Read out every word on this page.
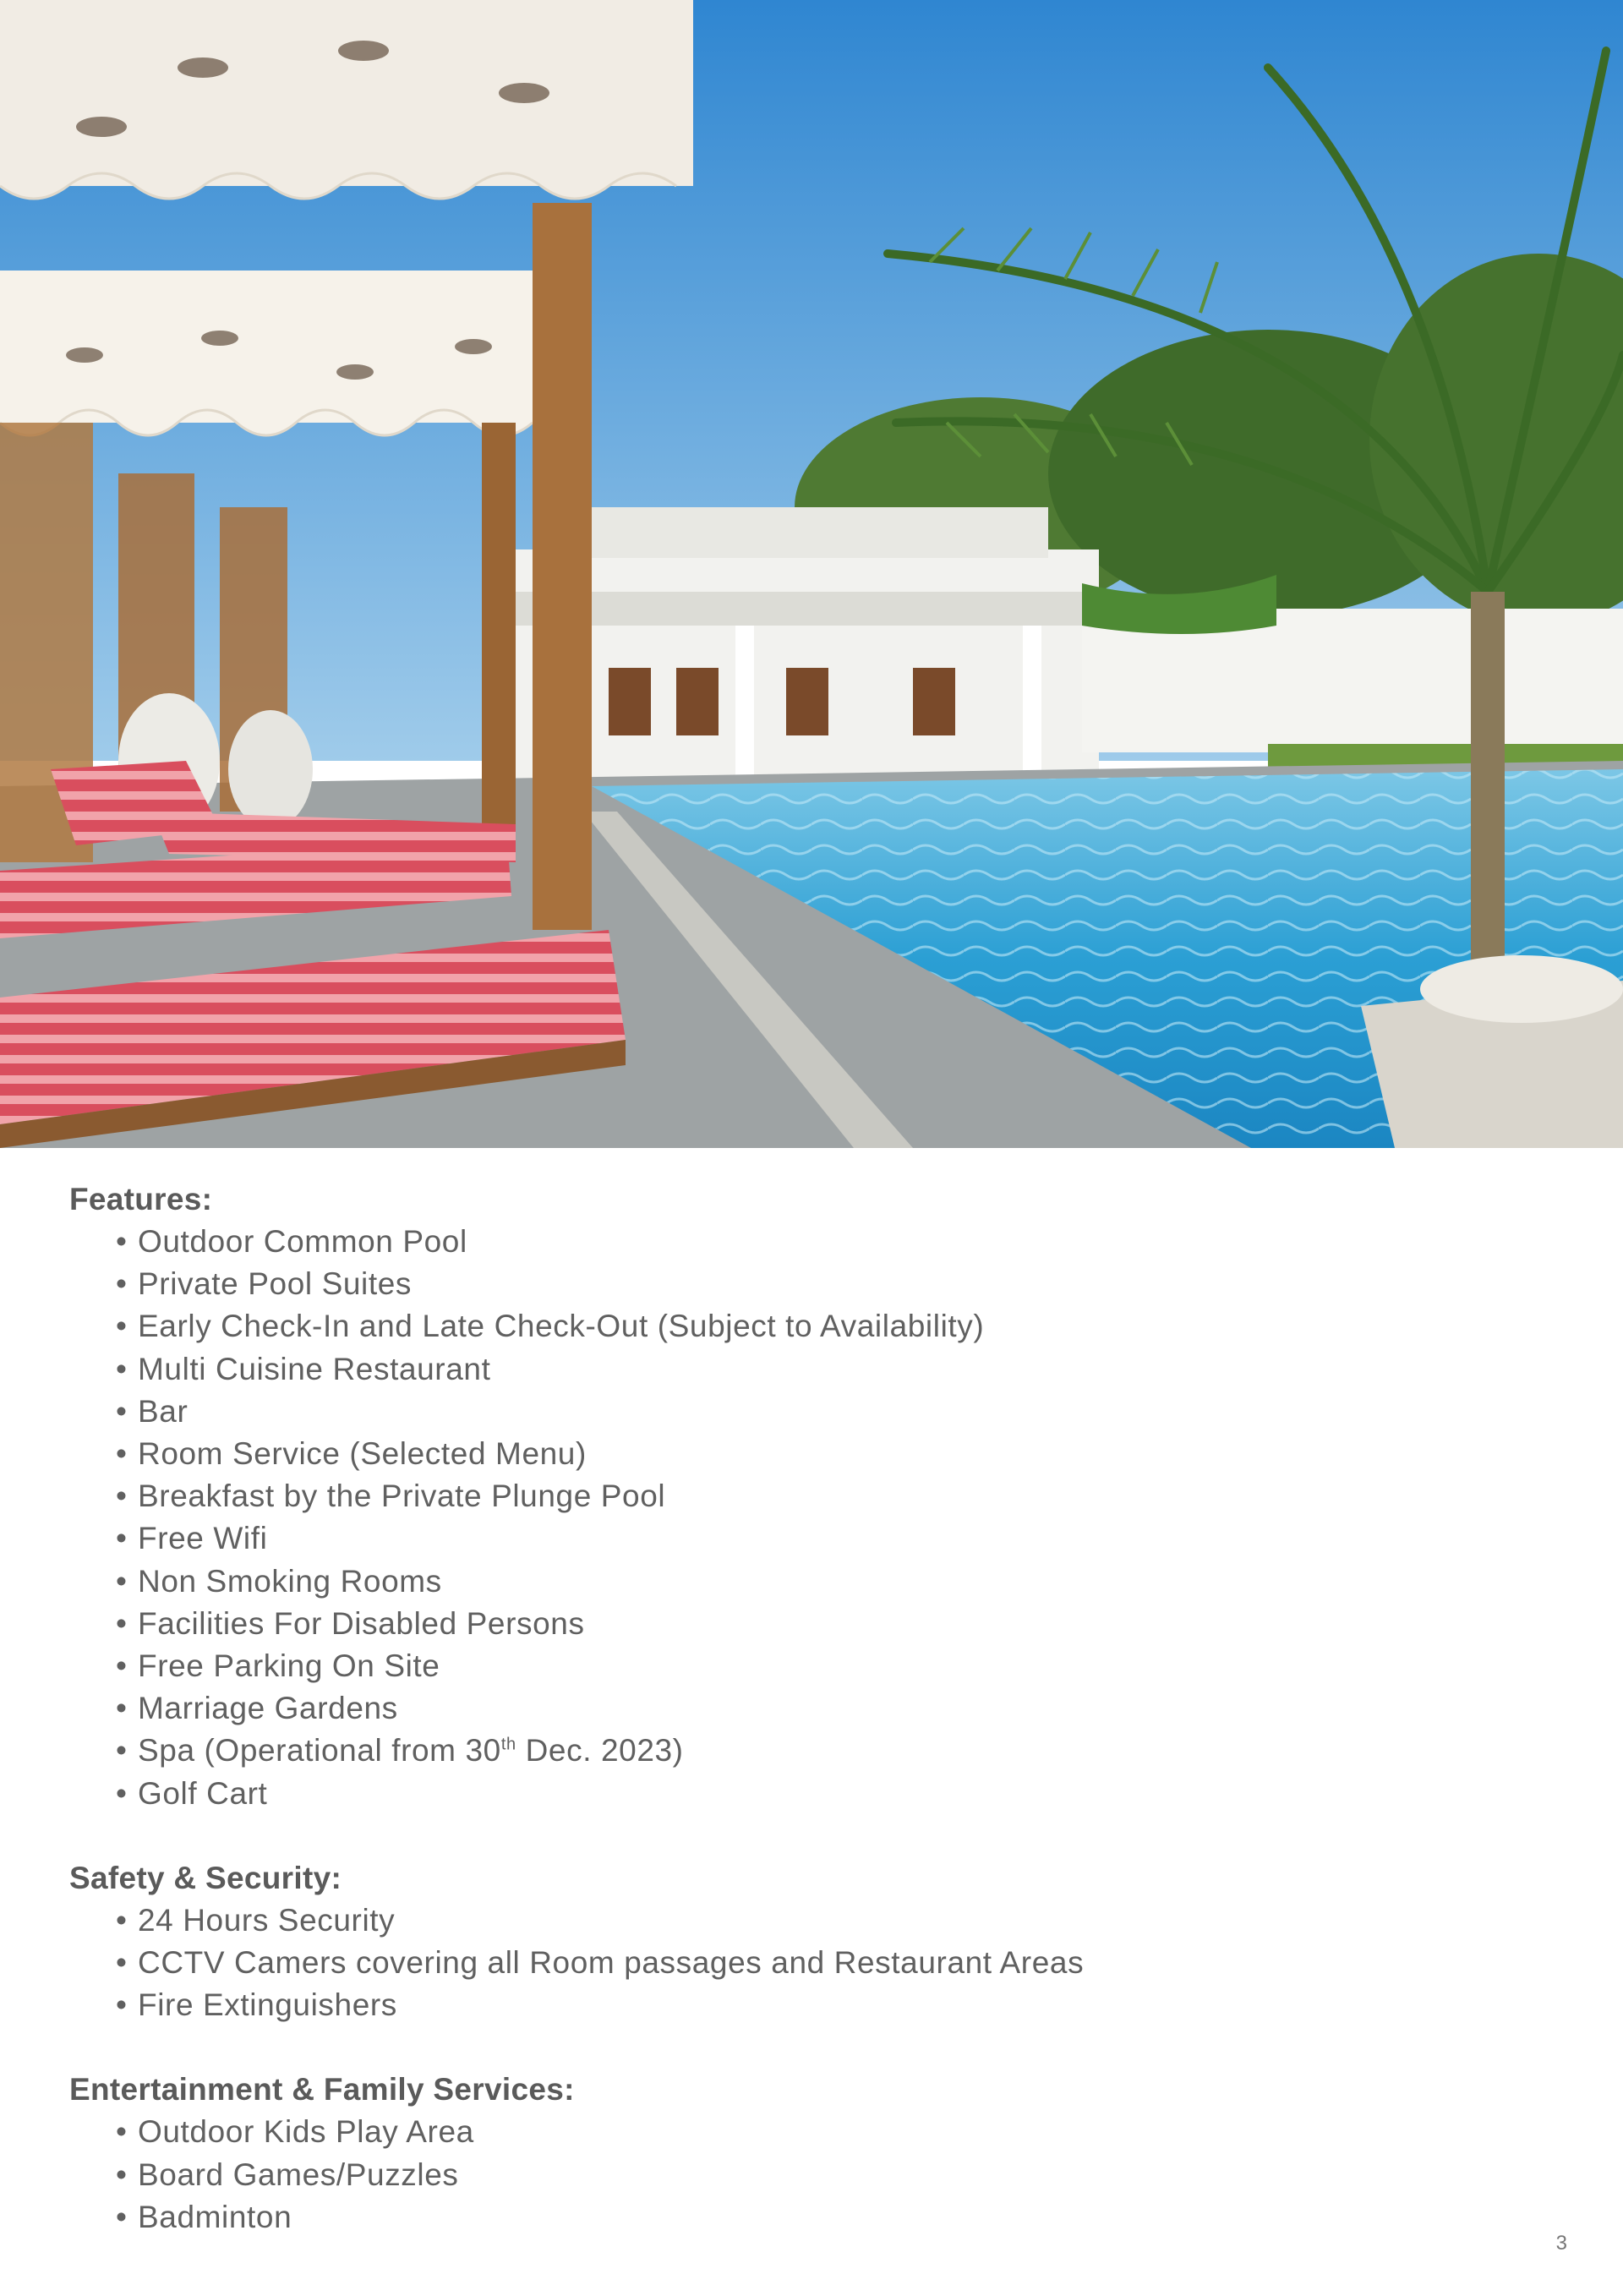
Features:
• Outdoor Common Pool
• Private Pool Suites
• Early Check-In and Late Check-Out (Subject to Availability)
• Multi Cuisine Restaurant
• Bar
• Room Service (Selected Menu)
• Breakfast by the Private Plunge Pool
• Free Wifi
• Non Smoking Rooms
• Facilities For Disabled Persons
• Free Parking On Site
• Marriage Gardens
• Spa (Operational from 30th Dec. 2023)
• Golf Cart
Safety & Security:
• 24 Hours Security
• CCTV Camers covering all Room passages and Restaurant Areas
• Fire Extinguishers
Entertainment & Family Services:
• Outdoor Kids Play Area
• Board Games/Puzzles
• Badminton
3
